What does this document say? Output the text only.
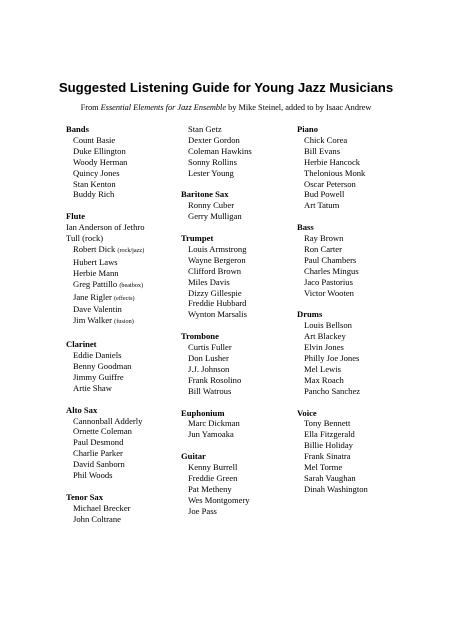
Suggested Listening Guide for Young Jazz Musicians

From Essential Elements for Jazz Ensemble by Mike Steinel, added to by Isaac Andrew

Bands
Count Basie
Duke Ellington
Woody Herman
Quincy Jones
Stan Kenton
Buddy Rich
Flute
Ian Anderson of Jethro
Tull (rock)
Robert Dick (rock/jazz)
Hubert Laws
Herbie Mann
Greg Pattillo (beatbox)
Jane Rigler (effects)
Dave Valentin
Jim Walker (fusion)
Clarinet
Eddie Daniels
Benny Goodman
Jimmy Guiffre
Artie Shaw
Alto Sax
Cannonball Adderly
Ornette Coleman
Paul Desmond
Charlie Parker
David Sanborn
Phil Woods
Tenor Sax
Michael Brecker
John Coltrane
Stan Getz
Dexter Gordon
Coleman Hawkins
Sonny Rollins
Lester Young
Baritone Sax
Ronny Cuber
Gerry Mulligan
Trumpet
Louis Armstrong
Wayne Bergeron
Clifford Brown
Miles Davis
Dizzy Gillespie
Freddie Hubbard
Wynton Marsalis
Trombone
Curtis Fuller
Don Lusher
J.J. Johnson
Frank Rosolino
Bill Watrous
Euphonium
Marc Dickman
Jun Yamoaka
Guitar
Kenny Burrell
Freddie Green
Pat Metheny
Wes Montgomery
Joe Pass
Piano
Chick Corea
Bill Evans
Herbie Hancock
Thelonious Monk
Oscar Peterson
Bud Powell
Art Tatum
Bass
Ray Brown
Ron Carter
Paul Chambers
Charles Mingus
Jaco Pastorius
Victor Wooten
Drums
Louis Bellson
Art Blackey
Elvin Jones
Philly Joe Jones
Mel Lewis
Max Roach
Pancho Sanchez
Voice
Tony Bennett
Ella Fitzgerald
Billie Holiday
Frank Sinatra
Mel Torme
Sarah Vaughan
Dinah Washington
